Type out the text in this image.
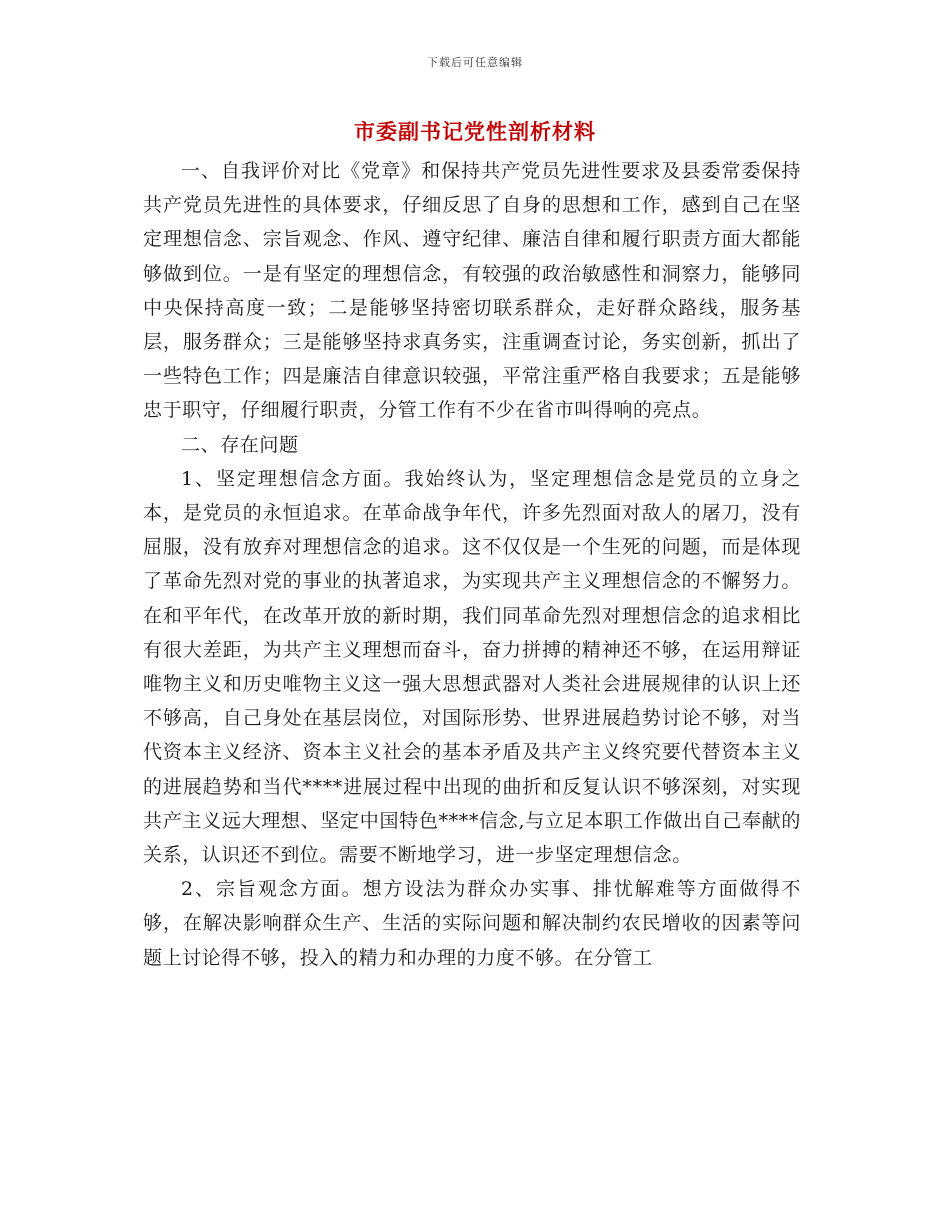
下载后可任意编辑
市委副书记党性剖析材料

一、自我评价对比《党章》和保持共产党员先进性要求及县委常委保持共产党员先进性的具体要求，仔细反思了自身的思想和工作，感到自己在坚定理想信念、宗旨观念、作风、遵守纪律、廉洁自律和履行职责方面大都能够做到位。一是有坚定的理想信念，有较强的政治敏感性和洞察力，能够同中央保持高度一致；二是能够坚持密切联系群众，走好群众路线，服务基层，服务群众；三是能够坚持求真务实，注重调查讨论，务实创新，抓出了一些特色工作；四是廉洁自律意识较强，平常注重严格自我要求；五是能够忠于职守，仔细履行职责，分管工作有不少在省市叫得响的亮点。

二、存在问题

1、坚定理想信念方面。我始终认为，坚定理想信念是党员的立身之本，是党员的永恒追求。在革命战争年代，许多先烈面对敌人的屠刀，没有屈服，没有放弃对理想信念的追求。这不仅仅是一个生死的问题，而是体现了革命先烈对党的事业的执著追求，为实现共产主义理想信念的不懈努力。在和平年代，在改革开放的新时期，我们同革命先烈对理想信念的追求相比有很大差距，为共产主义理想而奋斗，奋力拼搏的精神还不够，在运用辩证唯物主义和历史唯物主义这一强大思想武器对人类社会进展规律的认识上还不够高，自己身处在基层岗位，对国际形势、世界进展趋势讨论不够，对当代资本主义经济、资本主义社会的基本矛盾及共产主义终究要代替资本主义的进展趋势和当代****进展过程中出现的曲折和反复认识不够深刻，对实现共产主义远大理想、坚定中国特色****信念,与立足本职工作做出自己奉献的关系，认识还不到位。需要不断地学习，进一步坚定理想信念。

2、宗旨观念方面。想方设法为群众办实事、排忧解难等方面做得不够，在解决影响群众生产、生活的实际问题和解决制约农民增收的因素等问题上讨论得不够，投入的精力和办理的力度不够。在分管工
